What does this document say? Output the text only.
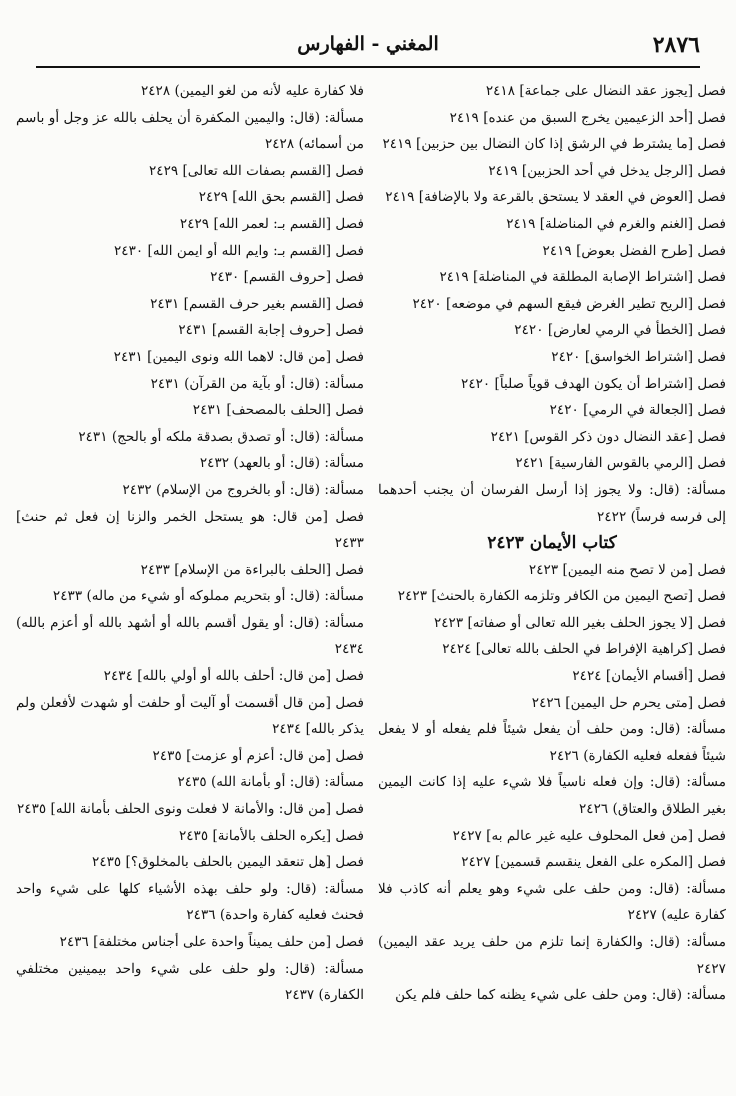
٢٨٧٦
المغني - الفهارس

فصل [يجوز عقد النضال على جماعة] ٢٤١٨

فصل [أحد الزعيمين يخرج السبق من عنده] ٢٤١٩

فصل [ما يشترط في الرشق إذا كان النضال بين حزبين] ٢٤١٩

فصل [الرجل يدخل في أحد الحزبين] ٢٤١٩

فصل [العوض في العقد لا يستحق بالقرعة ولا بالإضافة] ٢٤١٩

فصل [الغنم والغرم في المناضلة] ٢٤١٩

فصل [طرح الفضل بعوض] ٢٤١٩

فصل [اشتراط الإصابة المطلقة في المناضلة] ٢٤١٩

فصل [الريح تطير الغرض فيقع السهم في موضعه] ٢٤٢٠

فصل [الخطأ في الرمي لعارض] ٢٤٢٠

فصل [اشتراط الخواسق] ٢٤٢٠

فصل [اشتراط أن يكون الهدف قوياً صلباً] ٢٤٢٠

فصل [الجعالة في الرمي] ٢٤٢٠

فصل [عقد النضال دون ذكر القوس] ٢٤٢١

فصل [الرمي بالقوس الفارسية] ٢٤٢١

مسألة: (قال: ولا يجوز إذا أرسل الفرسان أن يجنب أحدهما إلى فرسه فرساً) ٢٤٢٢

كتاب الأيمان ٢٤٢٣

فصل [من لا تصح منه اليمين] ٢٤٢٣

فصل [تصح اليمين من الكافر وتلزمه الكفارة بالحنث] ٢٤٢٣

فصل [لا يجوز الحلف بغير الله تعالى أو صفاته] ٢٤٢٣

فصل [كراهية الإفراط في الحلف بالله تعالى] ٢٤٢٤

فصل [أقسام الأيمان] ٢٤٢٤

فصل [متى يحرم حل اليمين] ٢٤٢٦

مسألة: (قال: ومن حلف أن يفعل شيئاً فلم يفعله أو لا يفعل شيئاً ففعله فعليه الكفارة) ٢٤٢٦

مسألة: (قال: وإن فعله ناسياً فلا شيء عليه إذا كانت اليمين بغير الطلاق والعتاق) ٢٤٢٦

فصل [من فعل المحلوف عليه غير عالم به] ٢٤٢٧

فصل [المكره على الفعل ينقسم قسمين] ٢٤٢٧

مسألة: (قال: ومن حلف على شيء وهو يعلم أنه كاذب فلا كفارة عليه) ٢٤٢٧

مسألة: (قال: والكفارة إنما تلزم من حلف يريد عقد اليمين) ٢٤٢٧

مسألة: (قال: ومن حلف على شيء يظنه كما حلف فلم يكن

فلا كفارة عليه لأنه من لغو اليمين) ٢٤٢٨

مسألة: (قال: واليمين المكفرة أن يحلف بالله عز وجل أو باسم من أسمائه) ٢٤٢٨

فصل [القسم بصفات الله تعالى] ٢٤٢٩

فصل [القسم بحق الله] ٢٤٢٩

فصل [القسم بـ: لعمر الله] ٢٤٢٩

فصل [القسم بـ: وايم الله أو ايمن الله] ٢٤٣٠

فصل [حروف القسم] ٢٤٣٠

فصل [القسم بغير حرف القسم] ٢٤٣١

فصل [حروف إجابة القسم] ٢٤٣١

فصل [من قال: لاهما الله ونوى اليمين] ٢٤٣١

مسألة: (قال: أو بآية من القرآن) ٢٤٣١

فصل [الحلف بالمصحف] ٢٤٣١

مسألة: (قال: أو تصدق بصدقة ملكه أو بالحج) ٢٤٣١

مسألة: (قال: أو بالعهد) ٢٤٣٢

مسألة: (قال: أو بالخروج من الإسلام) ٢٤٣٢

فصل [من قال: هو يستحل الخمر والزنا إن فعل ثم حنث] ٢٤٣٣

فصل [الحلف بالبراءة من الإسلام] ٢٤٣٣

مسألة: (قال: أو بتحريم مملوكه أو شيء من ماله) ٢٤٣٣

مسألة: (قال: أو يقول أقسم بالله أو أشهد بالله أو أعزم بالله) ٢٤٣٤

فصل [من قال: أحلف بالله أو أولي بالله] ٢٤٣٤

فصل [من قال أقسمت أو آليت أو حلفت أو شهدت لأفعلن ولم يذكر بالله] ٢٤٣٤

فصل [من قال: أعزم أو عزمت] ٢٤٣٥

مسألة: (قال: أو بأمانة الله) ٢٤٣٥

فصل [من قال: والأمانة لا فعلت ونوى الحلف بأمانة الله] ٢٤٣٥

فصل [يكره الحلف بالأمانة] ٢٤٣٥

فصل [هل تنعقد اليمين بالحلف بالمخلوق؟] ٢٤٣٥

مسألة: (قال: ولو حلف بهذه الأشياء كلها على شيء واحد فحنث فعليه كفارة واحدة) ٢٤٣٦

فصل [من حلف يميناً واحدة على أجناس مختلفة] ٢٤٣٦

مسألة: (قال: ولو حلف على شيء واحد بيمينين مختلفي الكفارة) ٢٤٣٧
